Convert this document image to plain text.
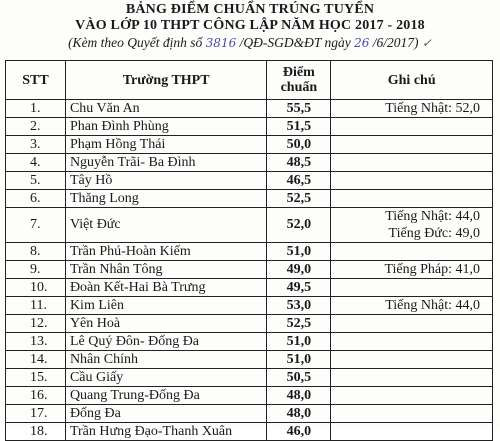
BẢNG ĐIỂM CHUẨN TRÚNG TUYỂN
VÀO LỚP 10 THPT CÔNG LẬP NĂM HỌC 2017 - 2018
(Kèm theo Quyết định số 3816 /QĐ-SGD&ĐT ngày 26 /6/2017) ✓
STT	Trường THPT	Điểm chuẩn	Ghi chú
1.	Chu Văn An	55,5	Tiếng Nhật: 52,0

2.	Phan Đình Phùng	51,5	
3.	Phạm Hồng Thái	50,0	
4.	Nguyễn Trãi- Ba Đình	48,5	
5.	Tây Hồ	46,5	
6.	Thăng Long	52,5	
7.	Việt Đức	52,0	Tiếng Nhật: 44,0
Tiếng Đức: 49,0

8.	Trần Phú-Hoàn Kiếm	51,0	
9.	Trần Nhân Tông	49,0	Tiếng Pháp: 41,0

10.	Đoàn Kết-Hai Bà Trưng	49,5	
11.	Kim Liên	53,0	Tiếng Nhật: 44,0

12.	Yên Hoà	52,5	
13.	Lê Quý Đôn- Đống Đa	51,0	
14.	Nhân Chính	51,0	
15.	Cầu Giấy	50,5	
16.	Quang Trung-Đống Đa	48,0	
17.	Đống Đa	48,0	
18.	Trần Hưng Đạo-Thanh Xuân	46,0	
